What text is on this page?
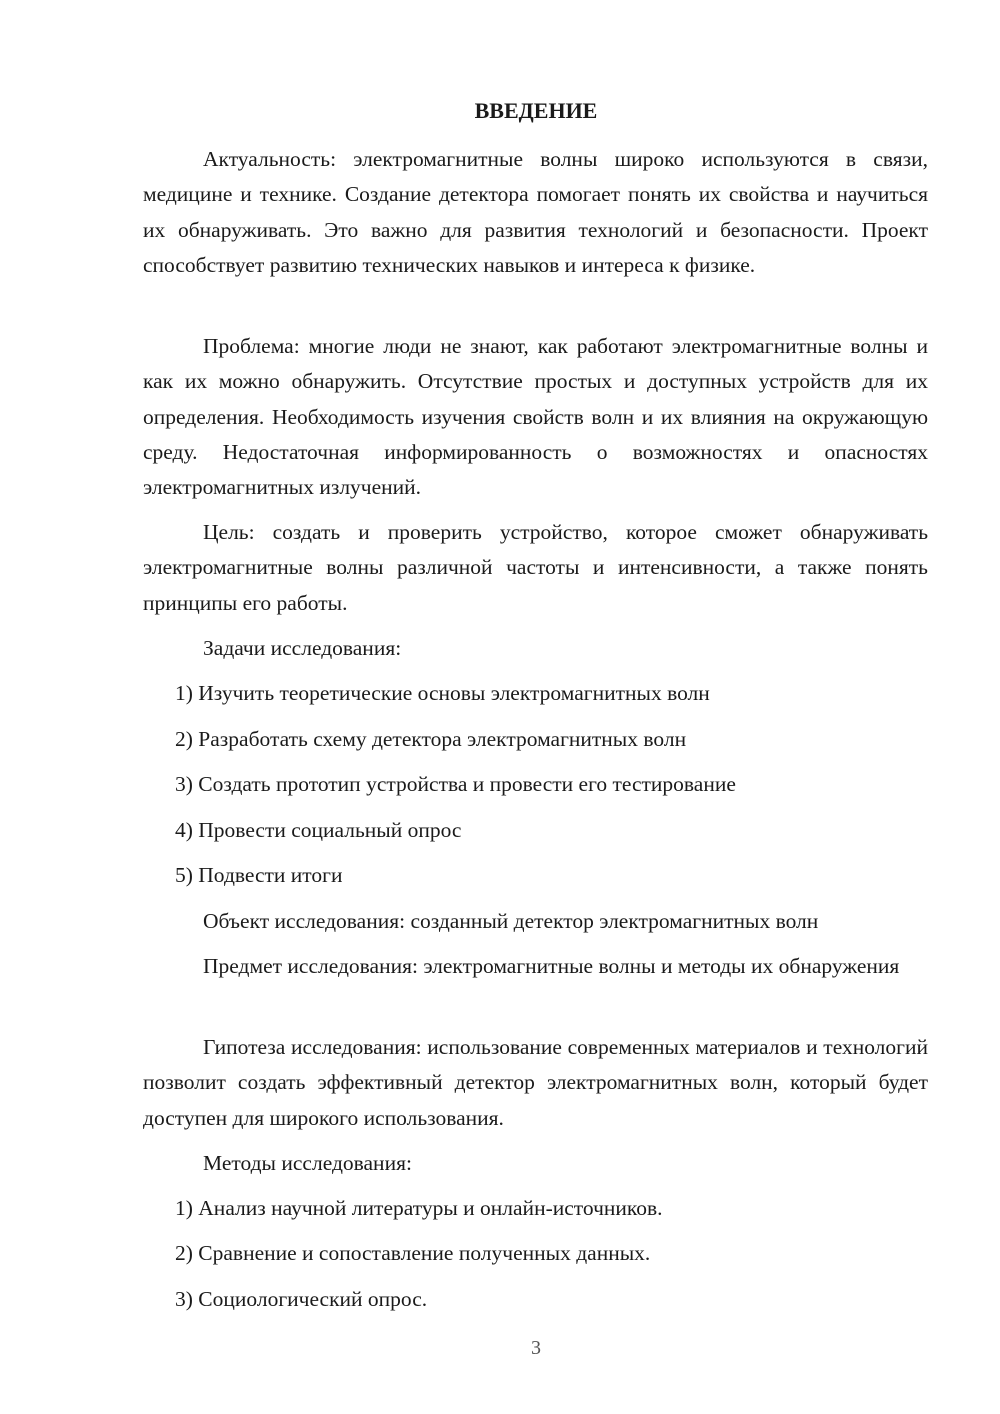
ВВЕДЕНИЕ

Актуальность: электромагнитные волны широко используются в связи, медицине и технике. Создание детектора помогает понять их свойства и научиться их обнаруживать. Это важно для развития технологий и безопасности. Проект способствует развитию технических навыков и интереса к физике.

Проблема: многие люди не знают, как работают электромагнитные волны и как их можно обнаружить. Отсутствие простых и доступных устройств для их определения. Необходимость изучения свойств волн и их влияния на окружающую среду. Недостаточная информированность о возможностях и опасностях электромагнитных излучений.

Цель: создать и проверить устройство, которое сможет обнаруживать электромагнитные волны различной частоты и интенсивности, а также понять принципы его работы.

Задачи исследования:

1) Изучить теоретические основы электромагнитных волн

2) Разработать схему детектора электромагнитных волн

3) Создать прототип устройства и провести его тестирование

4) Провести социальный опрос

5) Подвести итоги

Объект исследования: созданный детектор электромагнитных волн

Предмет исследования: электромагнитные волны и методы их обнаружения

Гипотеза исследования: использование современных материалов и технологий позволит создать эффективный детектор электромагнитных волн, который будет доступен для широкого использования.

Методы исследования:

1) Анализ научной литературы и онлайн-источников.

2) Сравнение и сопоставление полученных данных.

3) Социологический опрос.

3
